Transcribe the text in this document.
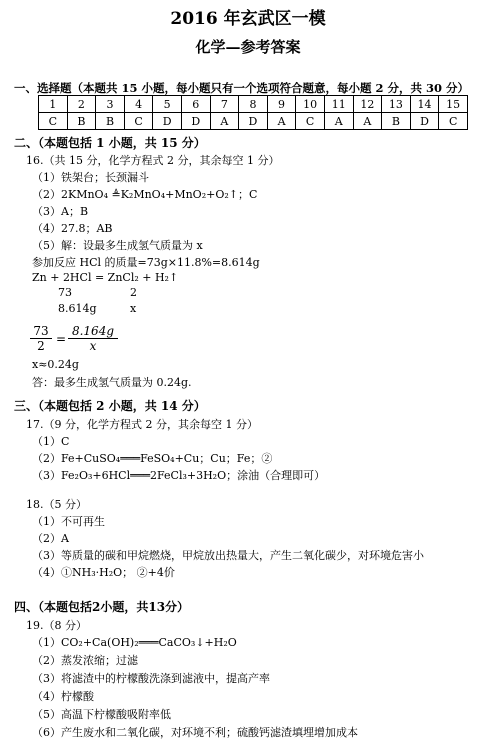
2016 年玄武区一模
化学—参考答案
一、选择题（本题共 15 小题，每小题只有一个选项符合题意，每小题 2 分，共 30 分）
1	2	3	4	5	6	7	8	9	10	11	12	13	14	15
C	B	B	C	D	D	A	D	A	C	A	A	B	D	C
二、（本题包括 1 小题，共 15 分）
16.（共 15 分，化学方程式 2 分，其余每空 1 分）
（1）铁架台；长颈漏斗
（2）2KMnO₄ ≜K₂MnO₄+MnO₂+O₂↑；C
（3）A；B
（4）27.8；AB
（5）解：设最多生成氢气质量为 x
参加反应 HCl 的质量=73g×11.8%=8.614g
Zn + 2HCl = ZnCl₂ + H₂↑
73	2
8.614g	x
$\frac{73}{2} = \frac{8.164g}{x}$
x≈0.24g
答：最多生成氢气质量为 0.24g.
三、（本题包括 2 小题，共 14 分）
17.（9 分，化学方程式 2 分，其余每空 1 分）
（1）C
（2）Fe+CuSO₄═══FeSO₄+Cu；Cu；Fe；②
（3）Fe₂O₃+6HCl═══2FeCl₃+3H₂O；涂油（合理即可）
18.（5 分）
（1）不可再生
（2）A
（3）等质量的碳和甲烷燃烧，甲烷放出热量大，产生二氧化碳少，对环境危害小
（4）①NH₃·H₂O； ②+4价
四、（本题包括2小题，共13分）
19.（8 分）
（1）CO₂+Ca(OH)₂═══CaCO₃↓+H₂O
（2）蒸发浓缩；过滤
（3）将滤渣中的柠檬酸洗涤到滤液中，提高产率
（4）柠檬酸
（5）高温下柠檬酸吸附率低
（6）产生废水和二氧化碳，对环境不利；硫酸钙滤渣填埋增加成本
